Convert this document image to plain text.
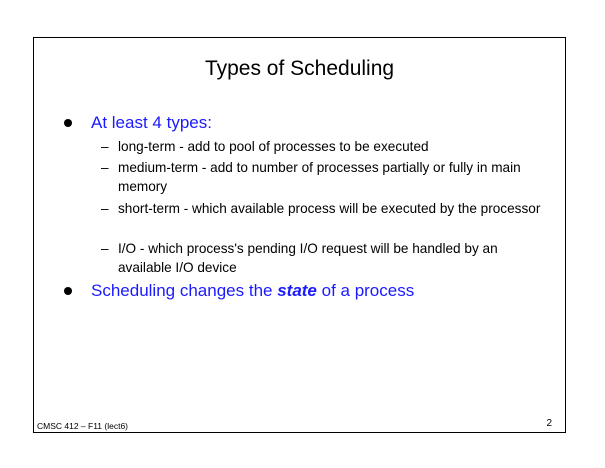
Types of Scheduling
At least 4 types:
– long-term - add to pool of processes to be executed
– medium-term - add to number of processes partially or fully in main memory
– short-term - which available process will be executed by the processor
– I/O - which process's pending I/O request will be handled by an available I/O device
Scheduling changes the state of a process
CMSC 412 – F11 (lect6)	2
